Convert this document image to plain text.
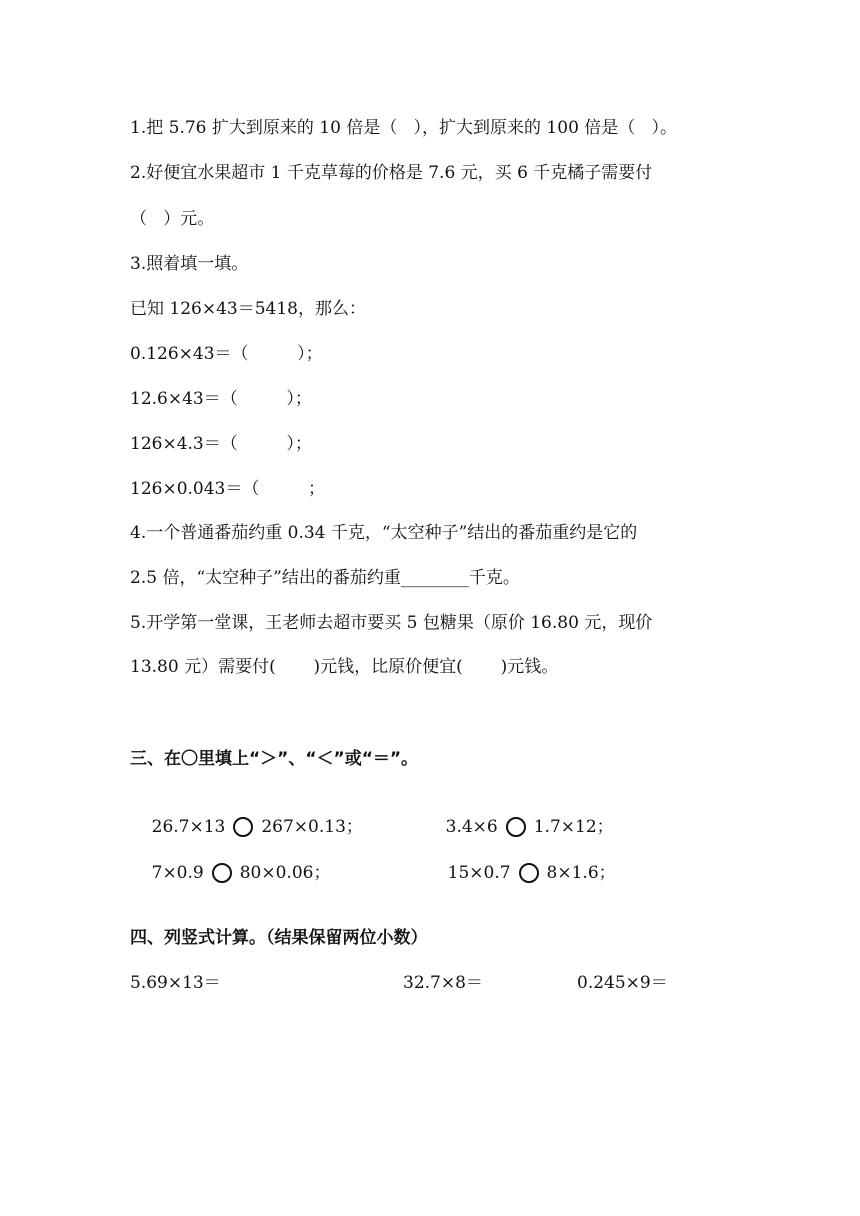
1.把 5.76 扩大到原来的 10 倍是（   ），扩大到原来的 100 倍是（   ）。
2.好便宜水果超市 1 千克草莓的价格是 7.6 元，买 6 千克橘子需要付
（   ）元。
3.照着填一填。
已知 126×43＝5418，那么：
0.126×43＝（         ）；
12.6×43＝（         ）；
126×4.3＝（         ）；
126×0.043＝（         ；
4.一个普通番茄约重 0.34 千克，“太空种子”结出的番茄重约是它的
2.5 倍，“太空种子”结出的番茄约重________千克。
5.开学第一堂课，王老师去超市要买 5 包糖果（原价 16.80 元，现价
13.80 元）需要付(       )元钱，比原价便宜(       )元钱。
三、在〇里填上“＞”、“＜”或“＝”。

26.7×13 267×0.13；
	3.4×6 1.7×12；

7×0.9 80×0.06；
	15×0.7 8×1.6；

四、列竖式计算。（结果保留两位小数）
5.69×13＝	32.7×8＝	0.245×9＝
